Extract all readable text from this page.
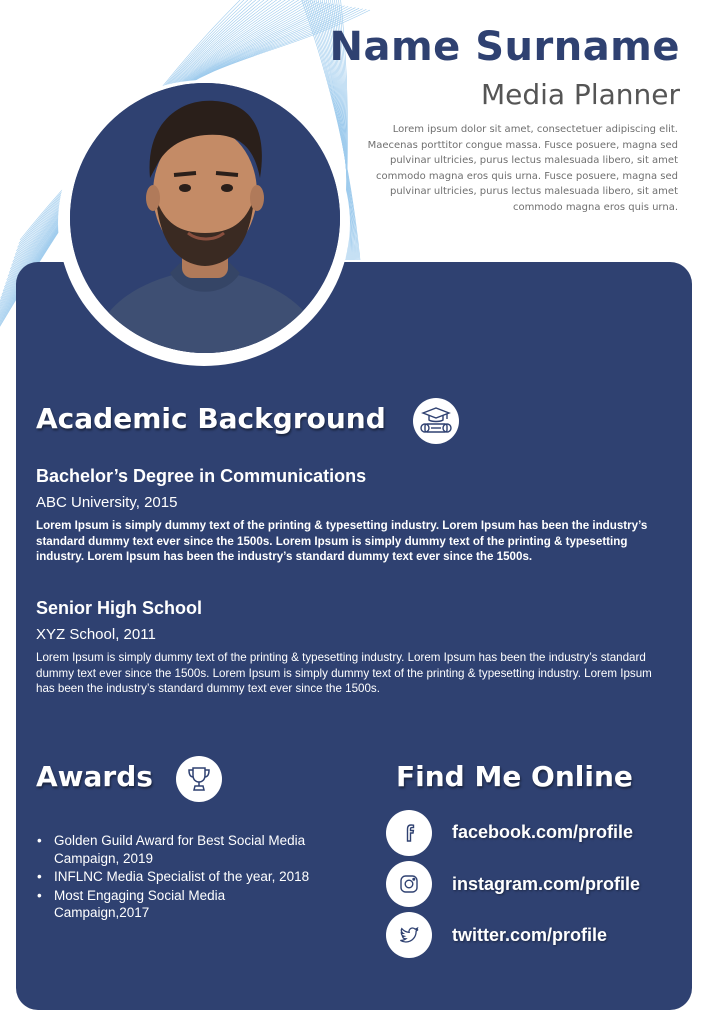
Name Surname
Media Planner
Lorem ipsum dolor sit amet, consectetuer adipiscing elit. Maecenas porttitor congue massa. Fusce posuere, magna sed pulvinar ultricies, purus lectus malesuada libero, sit amet commodo magna eros quis urna. Fusce posuere, magna sed pulvinar ultricies, purus lectus malesuada libero, sit amet commodo magna eros quis urna.
Academic Background
Bachelor’s Degree in Communications
ABC University, 2015
Lorem Ipsum is simply dummy text of the printing & typesetting industry. Lorem Ipsum has been the industry’s standard dummy text ever since the 1500s. Lorem Ipsum is simply dummy text of the printing & typesetting industry. Lorem Ipsum has been the industry’s standard dummy text ever since the 1500s.
Senior High School
XYZ School, 2011
Lorem Ipsum is simply dummy text of the printing & typesetting industry. Lorem Ipsum has been the industry’s standard dummy text ever since the 1500s. Lorem Ipsum is simply dummy text of the printing & typesetting industry. Lorem Ipsum has been the industry’s standard dummy text ever since the 1500s.
Awards
• Golden Guild Award for Best Social Media Campaign, 2019
• INFLNC Media Specialist of the year, 2018
• Most Engaging Social Media Campaign,2017
Find Me Online
facebook.com/profile
instagram.com/profile
twitter.com/profile
